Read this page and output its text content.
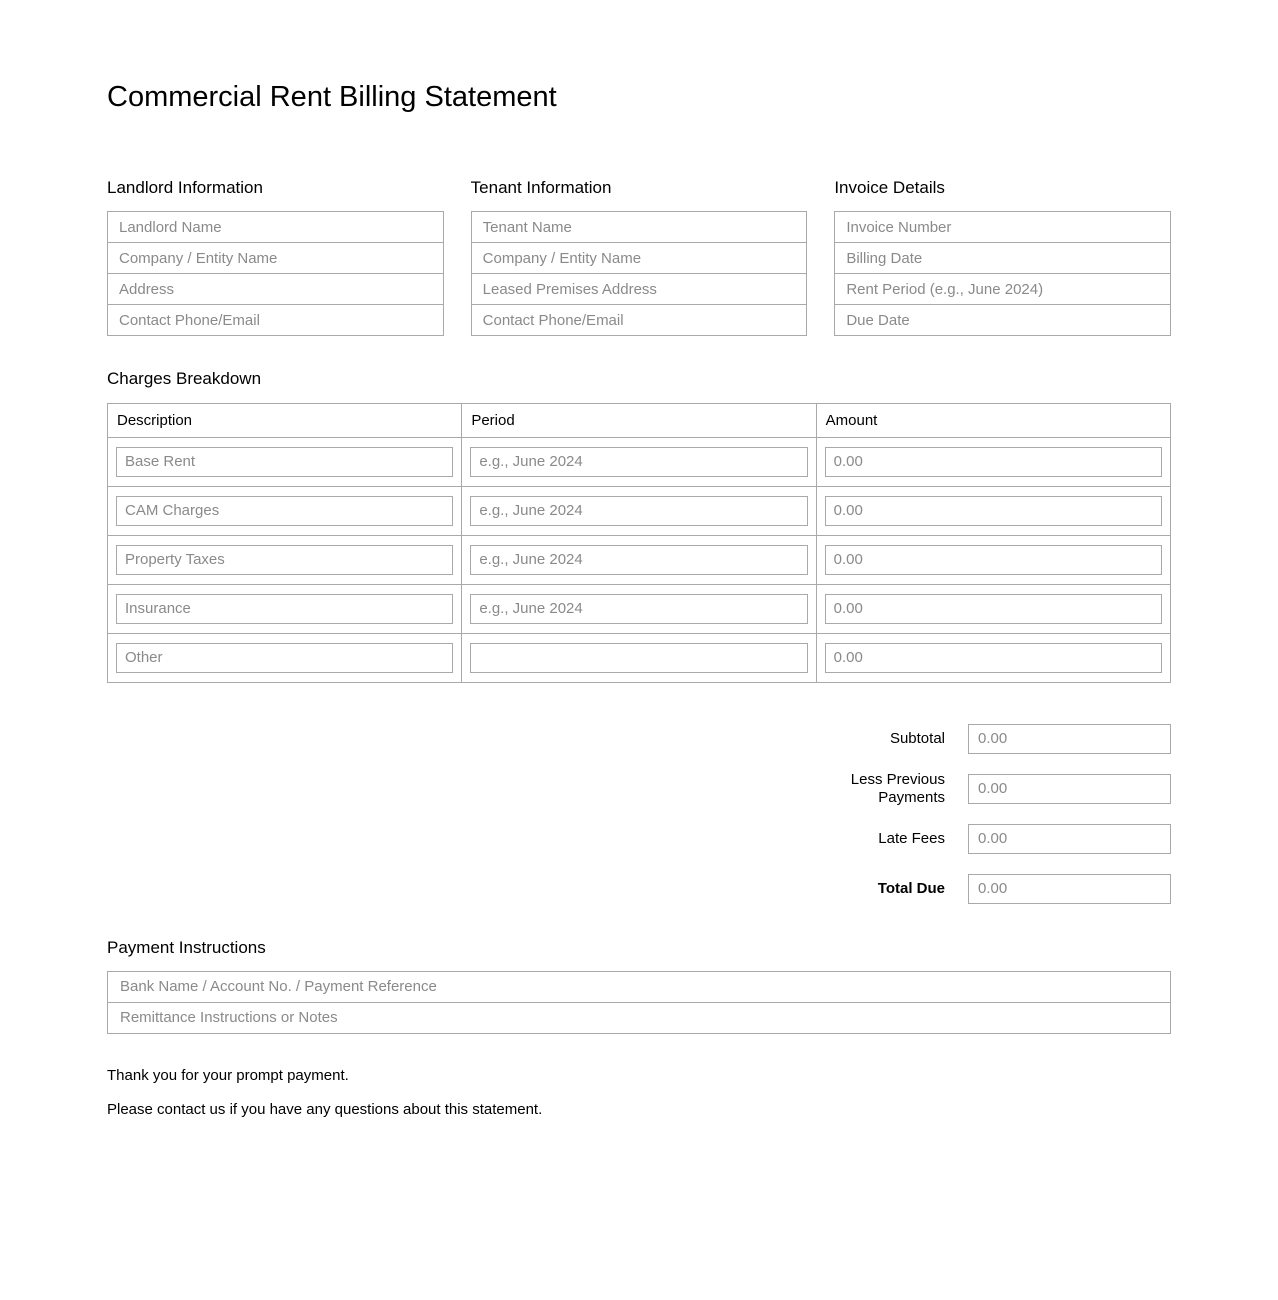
Commercial Rent Billing Statement
Landlord Information
Landlord Name
Company / Entity Name
Address
Contact Phone/Email	Tenant Information
Tenant Name
Company / Entity Name
Leased Premises Address
Contact Phone/Email	Invoice Details
Invoice Number
Billing Date
Rent Period (e.g., June 2024)
Due Date
Charges Breakdown
Description	Period	Amount
Base Rent	e.g., June 2024	0.00
CAM Charges	e.g., June 2024	0.00
Property Taxes	e.g., June 2024	0.00
Insurance	e.g., June 2024	0.00
Other		0.00
Subtotal
0.00
Less Previous Payments
0.00
Late Fees
0.00
Total Due
0.00
Payment Instructions
Bank Name / Account No. / Payment Reference
Remittance Instructions or Notes

Thank you for your prompt payment.

Please contact us if you have any questions about this statement.
